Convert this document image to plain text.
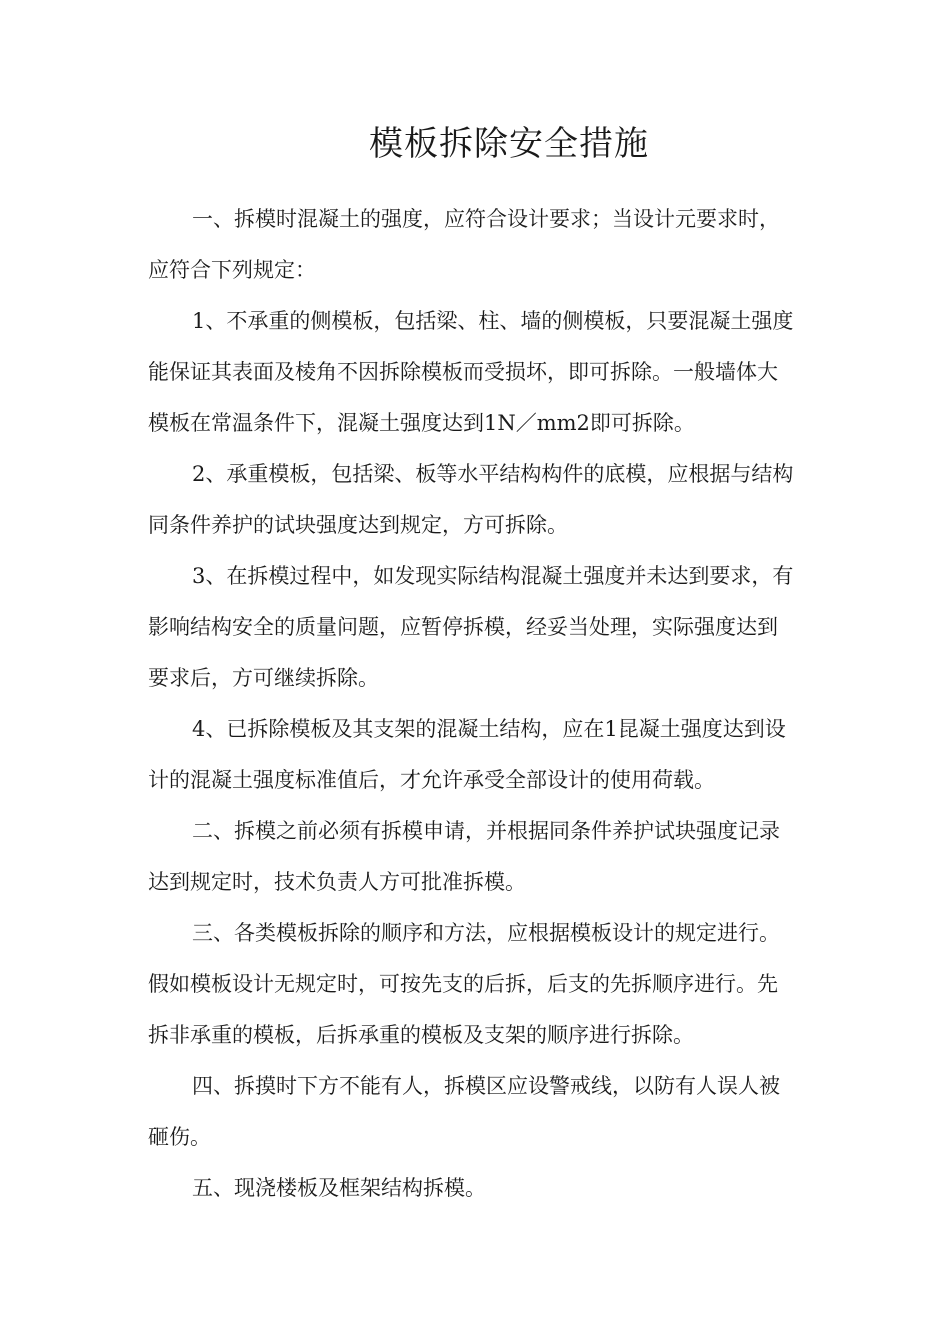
模板拆除安全措施

一、拆模时混凝土的强度，应符合设计要求；当设计元要求时，应符合下列规定：

1、不承重的侧模板，包括梁、柱、墙的侧模板，只要混凝土强度能保证其表面及棱角不因拆除模板而受损坏，即可拆除。一般墙体大模板在常温条件下，混凝土强度达到1N／mm2即可拆除。

2、承重模板，包括梁、板等水平结构构件的底模，应根据与结构同条件养护的试块强度达到规定，方可拆除。

3、在拆模过程中，如发现实际结构混凝土强度并未达到要求，有影响结构安全的质量问题，应暂停拆模，经妥当处理，实际强度达到要求后，方可继续拆除。

4、已拆除模板及其支架的混凝土结构，应在1昆凝土强度达到设计的混凝土强度标准值后，才允许承受全部设计的使用荷载。

二、拆模之前必须有拆模申请，并根据同条件养护试块强度记录达到规定时，技术负责人方可批准拆模。

三、各类模板拆除的顺序和方法，应根据模板设计的规定进行。假如模板设计无规定时，可按先支的后拆，后支的先拆顺序进行。先拆非承重的模板，后拆承重的模板及支架的顺序进行拆除。

四、拆摸时下方不能有人，拆模区应设警戒线，以防有人误人被砸伤。

五、现浇楼板及框架结构拆模。
